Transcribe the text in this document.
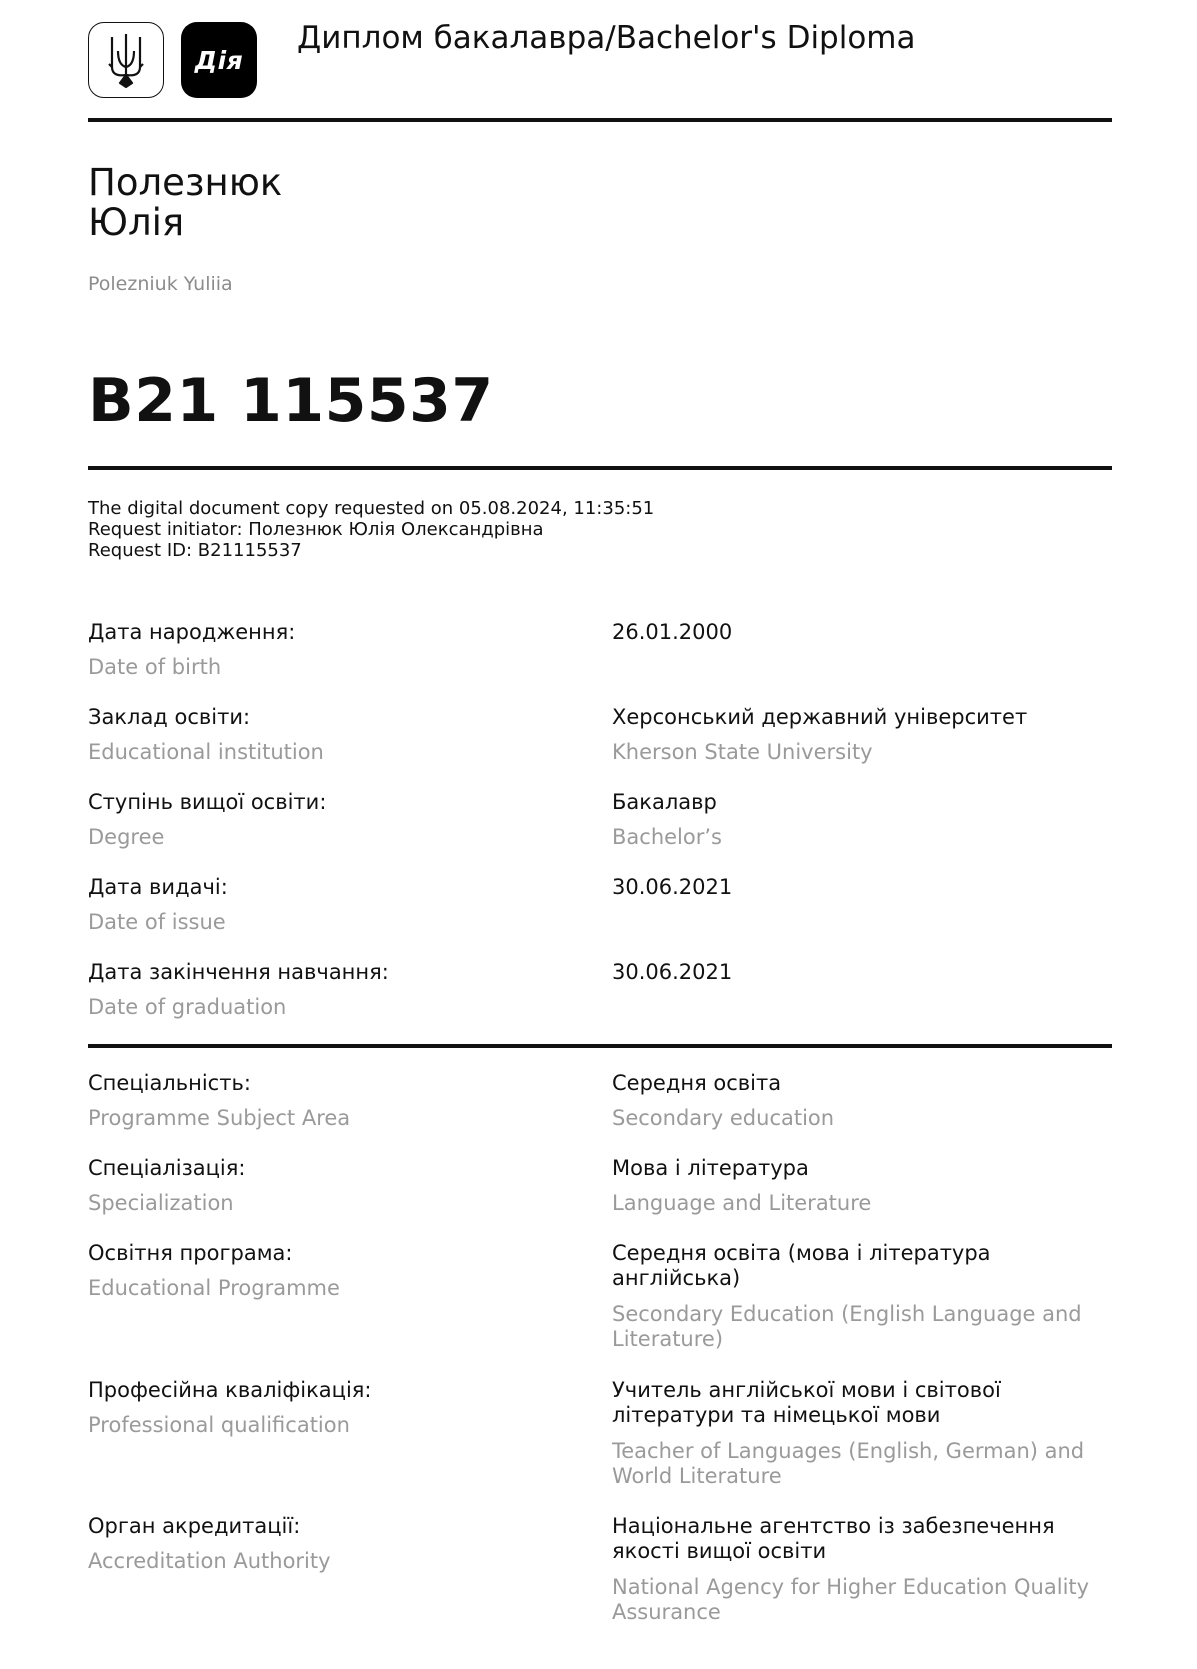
Дія
Диплом бакалавра/Bachelor's Diploma
Полезнюк
Юлія
Polezniuk Yuliia
B21 115537
The digital document copy requested on 05.08.2024, 11:35:51
Request initiator: Полезнюк Юлія Олександрівна
Request ID: B21115537
Дата народження:
Date of birth
26.01.2000
Заклад освіти:
Educational institution
Херсонський державний університет
Kherson State University
Ступінь вищої освіти:
Degree
Бакалавр
Bachelor’s
Дата видачі:
Date of issue
30.06.2021
Дата закінчення навчання:
Date of graduation
30.06.2021
Спеціальність:
Programme Subject Area
Середня освіта
Secondary education
Спеціалізація:
Specialization
Мова і література
Language and Literature
Освітня програма:
Educational Programme
Середня освіта (мова і література англійська)
Secondary Education (English Language and Literature)
Професійна кваліфікація:
Professional qualification
Учитель англійської мови і світової літератури та німецької мови
Teacher of Languages (English, German) and World Literature
Орган акредитації:
Accreditation Authority
Національне агентство із забезпечення якості вищої освіти
National Agency for Higher Education Quality Assurance
